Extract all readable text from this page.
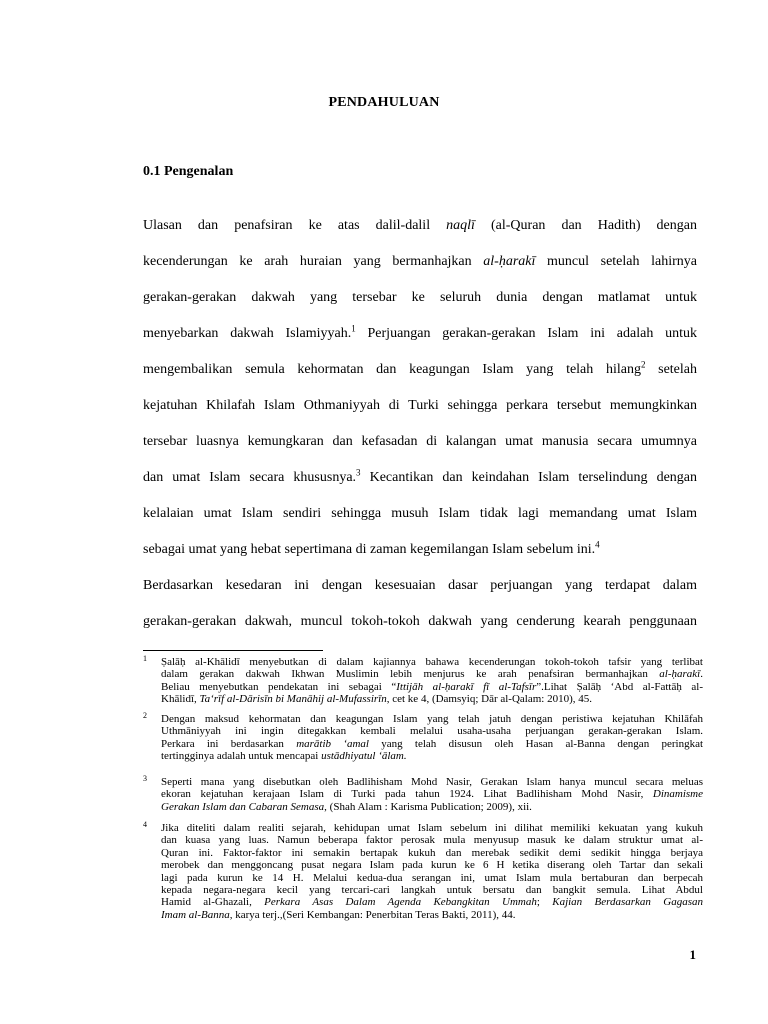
PENDAHULUAN
0.1 Pengenalan
Ulasan dan penafsiran ke atas dalil-dalil naqlī (al-Quran dan Hadith) dengan
kecenderungan ke arah huraian yang bermanhajkan al-ḥarakī muncul setelah lahirnya
gerakan-gerakan dakwah yang tersebar ke seluruh dunia dengan matlamat untuk
menyebarkan dakwah Islamiyyah.$^1$ Perjuangan gerakan-gerakan Islam ini adalah untuk
mengembalikan semula kehormatan dan keagungan Islam yang telah hilang$^2$ setelah
kejatuhan Khilafah Islam Othmaniyyah di Turki sehingga perkara tersebut memungkinkan
tersebar luasnya kemungkaran dan kefasadan di kalangan umat manusia secara umumnya
dan umat Islam secara khususnya.$^3$ Kecantikan dan keindahan Islam terselindung dengan
kelalaian umat Islam sendiri sehingga musuh Islam tidak lagi memandang umat Islam
sebagai umat yang hebat sepertimana di zaman kegemilangan Islam sebelum ini.$^4$
Berdasarkan kesedaran ini dengan kesesuaian dasar perjuangan yang terdapat dalam
gerakan-gerakan dakwah, muncul tokoh-tokoh dakwah yang cenderung kearah penggunaan
1 Ṣalāḥ al-Khālidī menyebutkan di dalam kajiannya bahawa kecenderungan tokoh-tokoh tafsir yang terlibat
dalam gerakan dakwah Ikhwan Muslimin lebih menjurus ke arah penafsiran bermanhajkan al-ḥarakī.
Beliau menyebutkan pendekatan ini sebagai “Ittijāh al-ḥarakī fī al-Tafsīr”.Lihat Ṣalāḥ ‘Abd al-Fattāḥ al-
Khālidī, Ta‘rīf al-Dārisīn bi Manāhij al-Mufassirīn, cet ke 4, (Damsyiq; Dār al-Qalam: 2010), 45.
2 Dengan maksud kehormatan dan keagungan Islam yang telah jatuh dengan peristiwa kejatuhan Khilāfah
Uthmāniyyah ini ingin ditegakkan kembali melalui usaha-usaha perjuangan gerakan-gerakan Islam.
Perkara ini berdasarkan marātib ‘amal yang telah disusun oleh Hasan al-Banna dengan peringkat
tertingginya adalah untuk mencapai ustādhiyatul ‘ālam.
3 Seperti mana yang disebutkan oleh Badlihisham Mohd Nasir, Gerakan Islam hanya muncul secara meluas
ekoran kejatuhan kerajaan Islam di Turki pada tahun 1924. Lihat Badlihisham Mohd Nasir, Dinamisme
Gerakan Islam dan Cabaran Semasa, (Shah Alam : Karisma Publication; 2009), xii.
4 Jika diteliti dalam realiti sejarah, kehidupan umat Islam sebelum ini dilihat memiliki kekuatan yang kukuh
dan kuasa yang luas. Namun beberapa faktor perosak mula menyusup masuk ke dalam struktur umat al-
Quran ini. Faktor-faktor ini semakin bertapak kukuh dan merebak sedikit demi sedikit hingga berjaya
merobek dan menggoncang pusat negara Islam pada kurun ke 6 H ketika diserang oleh Tartar dan sekali
lagi pada kurun ke 14 H. Melalui kedua-dua serangan ini, umat Islam mula bertaburan dan berpecah
kepada negara-negara kecil yang tercari-cari langkah untuk bersatu dan bangkit semula. Lihat Abdul
Hamid al-Ghazali, Perkara Asas Dalam Agenda Kebangkitan Ummah; Kajian Berdasarkan Gagasan
Imam al-Banna, karya terj.,(Seri Kembangan: Penerbitan Teras Bakti, 2011), 44.
1
